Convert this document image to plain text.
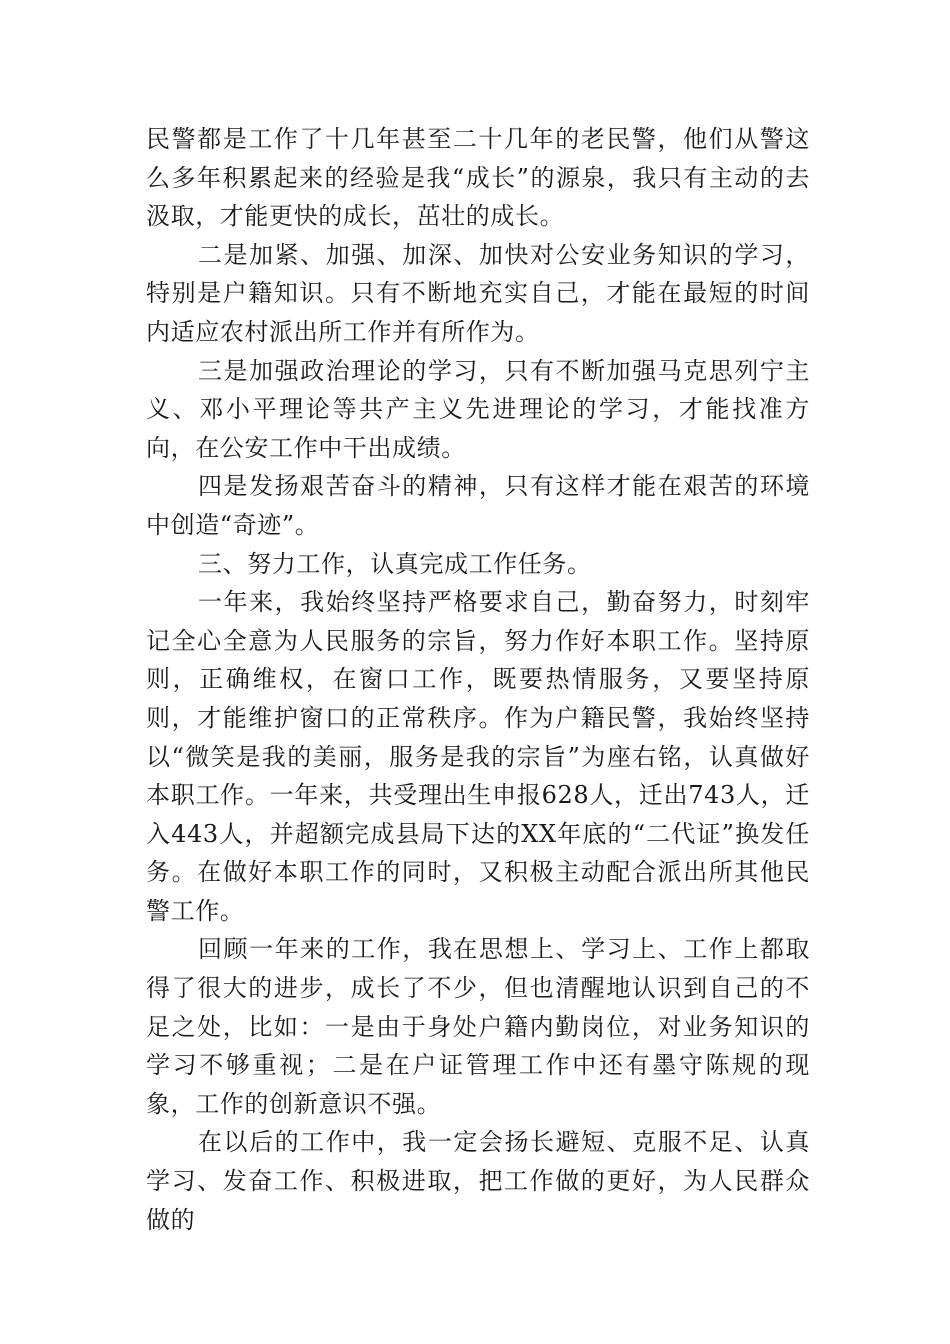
民警都是工作了十几年甚至二十几年的老民警，他们从警这么多年积累起来的经验是我“成长”的源泉，我只有主动的去汲取，才能更快的成长，茁壮的成长。

二是加紧、加强、加深、加快对公安业务知识的学习，特别是户籍知识。只有不断地充实自己，才能在最短的时间内适应农村派出所工作并有所作为。

三是加强政治理论的学习，只有不断加强马克思列宁主义、邓小平理论等共产主义先进理论的学习，才能找准方向，在公安工作中干出成绩。

四是发扬艰苦奋斗的精神，只有这样才能在艰苦的环境中创造“奇迹”。

三、努力工作，认真完成工作任务。

一年来，我始终坚持严格要求自己，勤奋努力，时刻牢记全心全意为人民服务的宗旨，努力作好本职工作。坚持原则，正确维权，在窗口工作，既要热情服务，又要坚持原则，才能维护窗口的正常秩序。作为户籍民警，我始终坚持以“微笑是我的美丽，服务是我的宗旨”为座右铭，认真做好本职工作。一年来，共受理出生申报628人，迁出743人，迁入443人，并超额完成县局下达的XX年底的“二代证”换发任务。在做好本职工作的同时，又积极主动配合派出所其他民警工作。

回顾一年来的工作，我在思想上、学习上、工作上都取得了很大的进步，成长了不少，但也清醒地认识到自己的不足之处，比如：一是由于身处户籍内勤岗位，对业务知识的学习不够重视；二是在户证管理工作中还有墨守陈规的现象，工作的创新意识不强。

在以后的工作中，我一定会扬长避短、克服不足、认真学习、发奋工作、积极进取，把工作做的更好，为人民群众做的
